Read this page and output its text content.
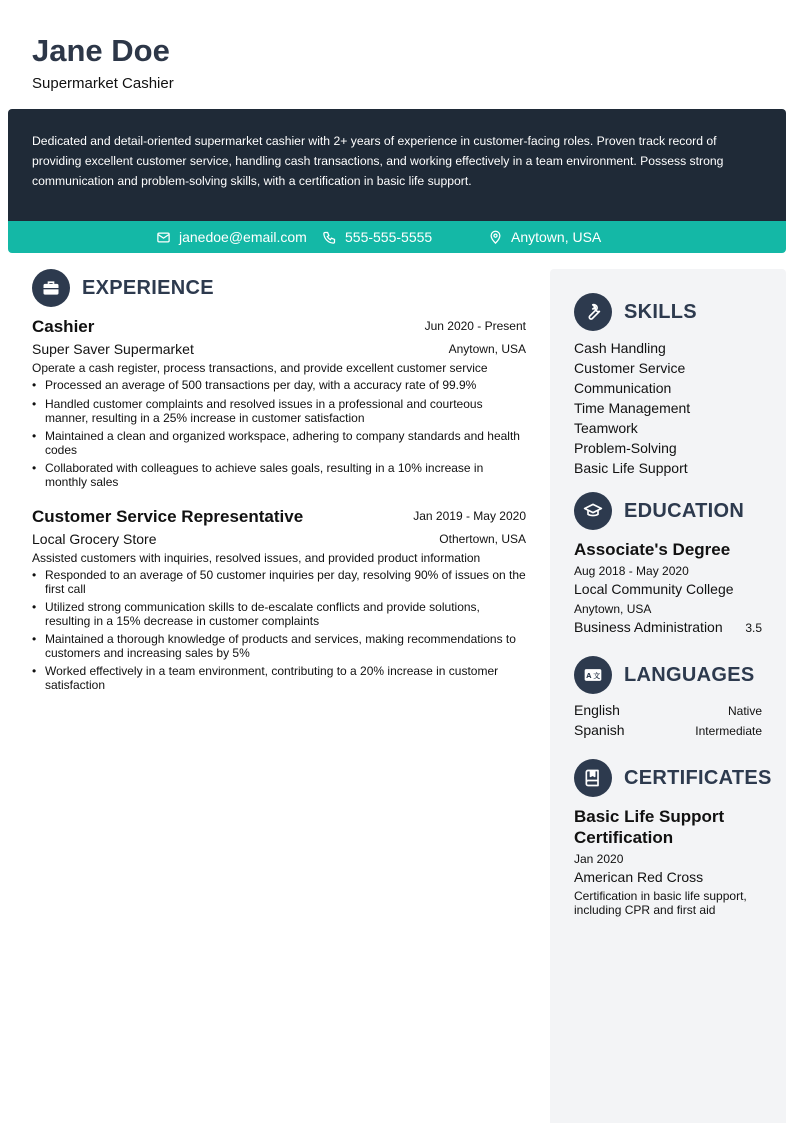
Jane Doe
Supermarket Cashier
Dedicated and detail-oriented supermarket cashier with 2+ years of experience in customer-facing roles. Proven track record of providing excellent customer service, handling cash transactions, and working effectively in a team environment. Possess strong communication and problem-solving skills, with a certification in basic life support.
janedoe@email.com	555-555-5555	Anytown, USA
EXPERIENCE
Cashier	Jun 2020 - Present
Super Saver Supermarket	Anytown, USA
Operate a cash register, process transactions, and provide excellent customer service
• Processed an average of 500 transactions per day, with a accuracy rate of 99.9%
• Handled customer complaints and resolved issues in a professional and courteous manner, resulting in a 25% increase in customer satisfaction
• Maintained a clean and organized workspace, adhering to company standards and health codes
• Collaborated with colleagues to achieve sales goals, resulting in a 10% increase in monthly sales
Customer Service Representative	Jan 2019 - May 2020
Local Grocery Store	Othertown, USA
Assisted customers with inquiries, resolved issues, and provided product information
• Responded to an average of 50 customer inquiries per day, resolving 90% of issues on the first call
• Utilized strong communication skills to de-escalate conflicts and provide solutions, resulting in a 15% decrease in customer complaints
• Maintained a thorough knowledge of products and services, making recommendations to customers and increasing sales by 5%
• Worked effectively in a team environment, contributing to a 20% increase in customer satisfaction
SKILLS
Cash Handling
Customer Service
Communication
Time Management
Teamwork
Problem-Solving
Basic Life Support
EDUCATION
Associate's Degree
Aug 2018 - May 2020
Local Community College
Anytown, USA
Business Administration 3.5
A 文 LANGUAGES
English	Native
Spanish	Intermediate
CERTIFICATES
Basic Life Support Certification
Jan 2020
American Red Cross
Certification in basic life support, including CPR and first aid
